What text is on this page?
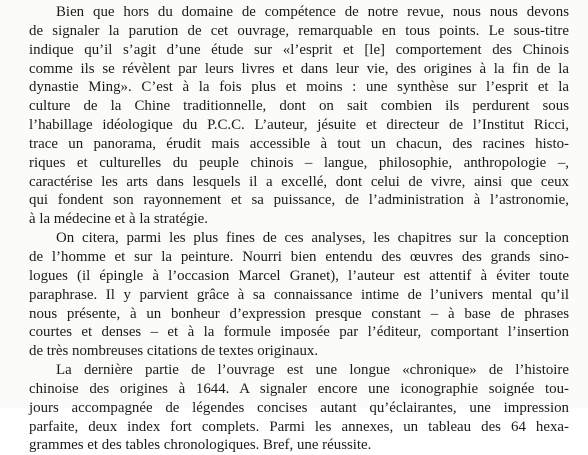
Bien que hors du domaine de compétence de notre revue, nous nous devons
de signaler la parution de cet ouvrage, remarquable en tous points. Le sous-titre
indique qu’il s’agit d’une étude sur «l’esprit et [le] comportement des Chinois
comme ils se révèlent par leurs livres et dans leur vie, des origines à la fin de la
dynastie Ming». C’est à la fois plus et moins : une synthèse sur l’esprit et la
culture de la Chine traditionnelle, dont on sait combien ils perdurent sous
l’habillage idéologique du P.C.C. L’auteur, jésuite et directeur de l’Institut Ricci,
trace un panorama, érudit mais accessible à tout un chacun, des racines histo-
riques et culturelles du peuple chinois – langue, philosophie, anthropologie –,
caractérise les arts dans lesquels il a excellé, dont celui de vivre, ainsi que ceux
qui fondent son rayonnement et sa puissance, de l’administration à l’astronomie,
à la médecine et à la stratégie.
On citera, parmi les plus fines de ces analyses, les chapitres sur la conception
de l’homme et sur la peinture. Nourri bien entendu des œuvres des grands sino-
logues (il épingle à l’occasion Marcel Granet), l’auteur est attentif à éviter toute
paraphrase. Il y parvient grâce à sa connaissance intime de l’univers mental qu’il
nous présente, à un bonheur d’expression presque constant – à base de phrases
courtes et denses – et à la formule imposée par l’éditeur, comportant l’insertion
de très nombreuses citations de textes originaux.
La dernière partie de l’ouvrage est une longue «chronique» de l’histoire
chinoise des origines à 1644. A signaler encore une iconographie soignée tou-
jours accompagnée de légendes concises autant qu’éclairantes, une impression
parfaite, deux index fort complets. Parmi les annexes, un tableau des 64 hexa-
grammes et des tables chronologiques. Bref, une réussite.
